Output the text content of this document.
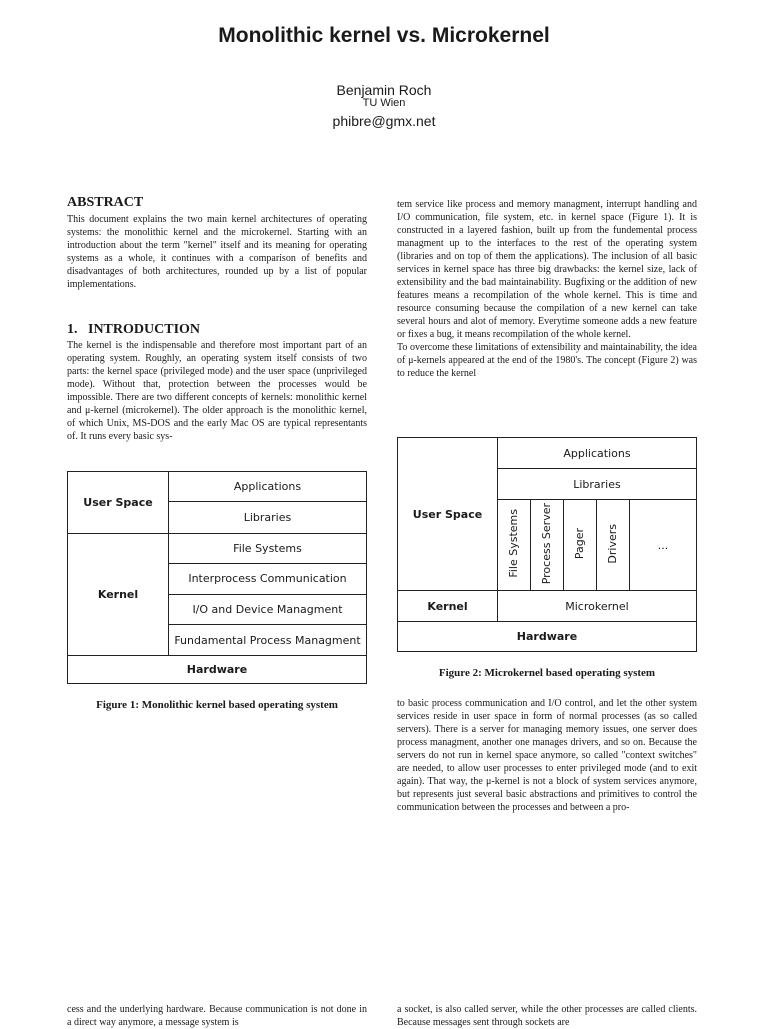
Monolithic kernel vs. Microkernel
Benjamin Roch
TU Wien
phibre@gmx.net
ABSTRACT

This document explains the two main kernel architectures of operating systems: the monolithic kernel and the microkernel. Starting with an introduction about the term "kernel" itself and its meaning for operating systems as a whole, it continues with a comparison of benefits and disadvantages of both architectures, rounded up by a list of popular implementations.

1.   INTRODUCTION

The kernel is the indispensable and therefore most important part of an operating system. Roughly, an operating system itself consists of two parts: the kernel space (privileged mode) and the user space (unprivileged mode). Without that, protection between the processes would be impossible. There are two different concepts of kernels: monolithic kernel and μ-kernel (microkernel). The older approach is the monolithic kernel, of which Unix, MS-DOS and the early Mac OS are typical representants of. It runs every basic sys-

User Space	Applications
	Libraries
Kernel	File Systems
	Interprocess Communication
	I/O and Device Managment
	Fundamental Process Managment
Hardware	
Figure 1: Monolithic kernel based operating system

tem service like process and memory managment, interrupt handling and I/O communication, file system, etc. in kernel space (Figure 1). It is constructed in a layered fashion, built up from the fundemental process managment up to the interfaces to the rest of the operating system (libraries and on top of them the applications). The inclusion of all basic services in kernel space has three big drawbacks: the kernel size, lack of extensibility and the bad maintainability. Bugfixing or the addition of new features means a recompilation of the whole kernel. This is time and resource consuming because the compilation of a new kernel can take several hours and alot of memory. Everytime someone adds a new feature or fixes a bug, it means recompilation of the whole kernel.

To overcome these limitations of extensibility and maintainability, the idea of μ-kernels appeared at the end of the 1980's. The concept (Figure 2) was to reduce the kernel

User Space	Applications				
	Libraries				
	File Systems	Process Server	Pager	Drivers	...
Kernel	Microkernel				
Hardware					
Figure 2: Microkernel based operating system

to basic process communication and I/O control, and let the other system services reside in user space in form of normal processes (as so called servers). There is a server for managing memory issues, one server does process managment, another one manages drivers, and so on. Because the servers do not run in kernel space anymore, so called "context switches" are needed, to allow user processes to enter privileged mode (and to exit again). That way, the μ-kernel is not a block of system services anymore, but represents just several basic abstractions and primitives to control the communication between the processes and between a pro-

cess and the underlying hardware. Because communication is not done in a direct way anymore, a message system is

a socket, is also called server, while the other processes are called clients. Because messages sent through sockets are
